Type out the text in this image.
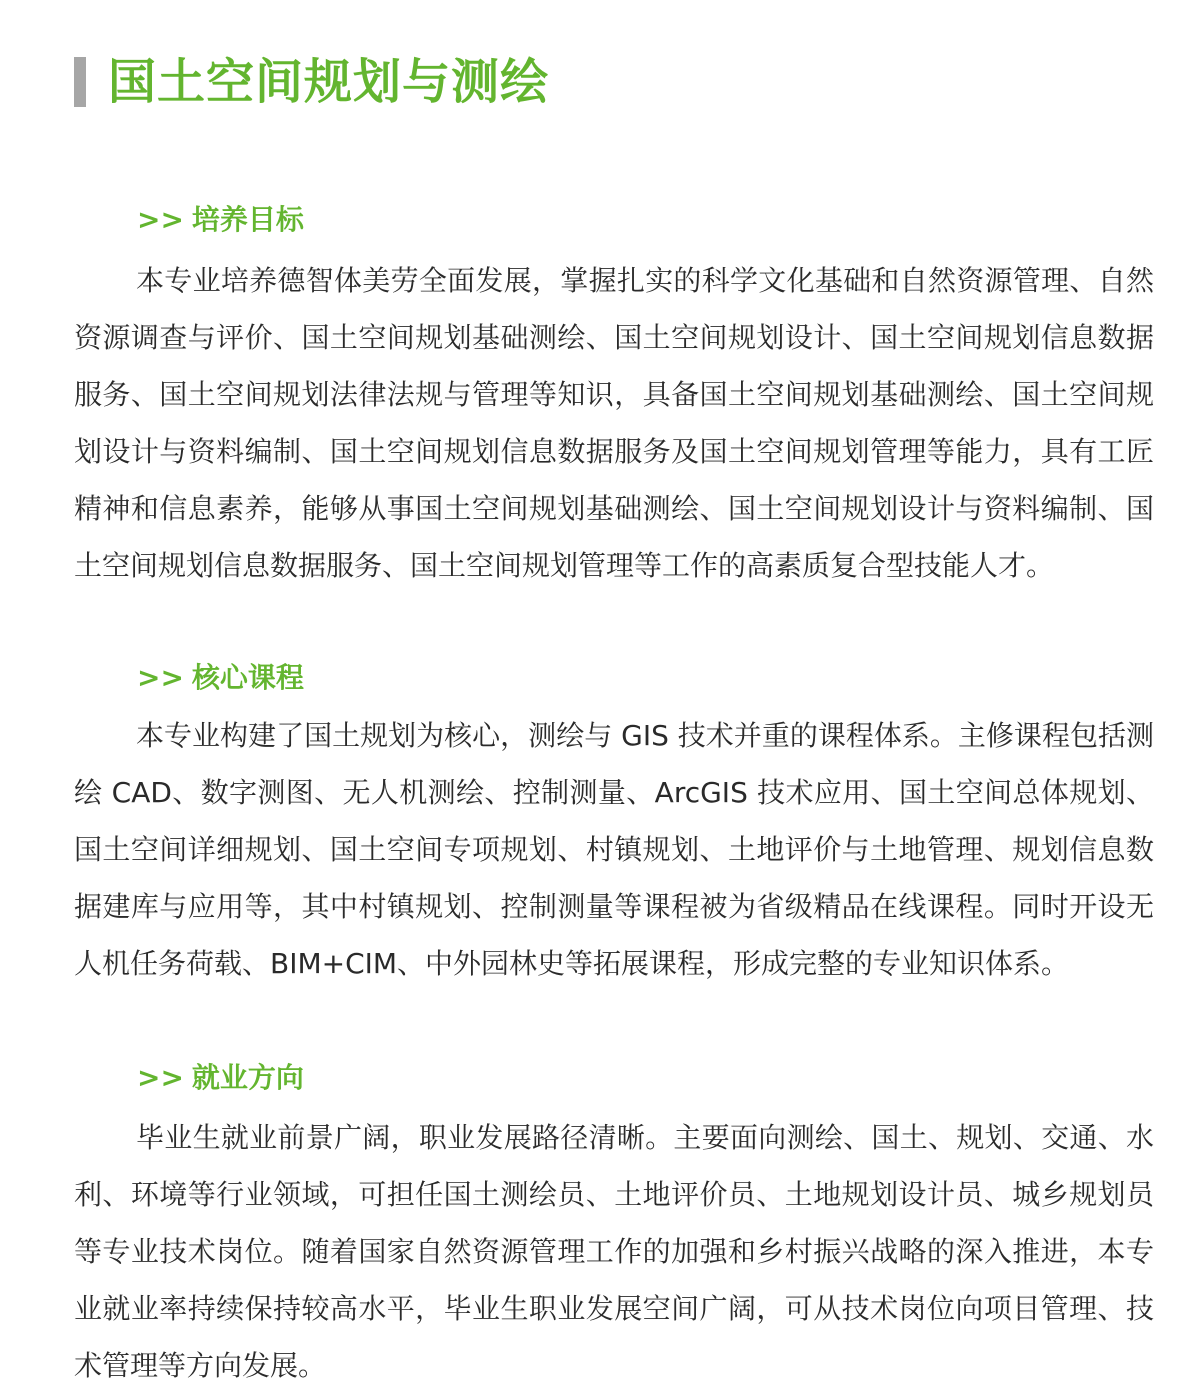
国土空间规划与测绘
>> 培养目标

本专业培养德智体美劳全面发展，掌握扎实的科学文化基础和自然资源管理、自然资源调查与评价、国土空间规划基础测绘、国土空间规划设计、国土空间规划信息数据服务、国土空间规划法律法规与管理等知识，具备国土空间规划基础测绘、国土空间规划设计与资料编制、国土空间规划信息数据服务及国土空间规划管理等能力，具有工匠精神和信息素养，能够从事国土空间规划基础测绘、国土空间规划设计与资料编制、国土空间规划信息数据服务、国土空间规划管理等工作的高素质复合型技能人才。

>> 核心课程

本专业构建了国土规划为核心，测绘与 GIS 技术并重的课程体系。主修课程包括测绘 CAD、数字测图、无人机测绘、控制测量、ArcGIS 技术应用、国土空间总体规划、国土空间详细规划、国土空间专项规划、村镇规划、土地评价与土地管理、规划信息数据建库与应用等，其中村镇规划、控制测量等课程被为省级精品在线课程。同时开设无人机任务荷载、BIM+CIM、中外园林史等拓展课程，形成完整的专业知识体系。

>> 就业方向

毕业生就业前景广阔，职业发展路径清晰。主要面向测绘、国土、规划、交通、水利、环境等行业领域，可担任国土测绘员、土地评价员、土地规划设计员、城乡规划员等专业技术岗位。随着国家自然资源管理工作的加强和乡村振兴战略的深入推进，本专业就业率持续保持较高水平，毕业生职业发展空间广阔，可从技术岗位向项目管理、技术管理等方向发展。
